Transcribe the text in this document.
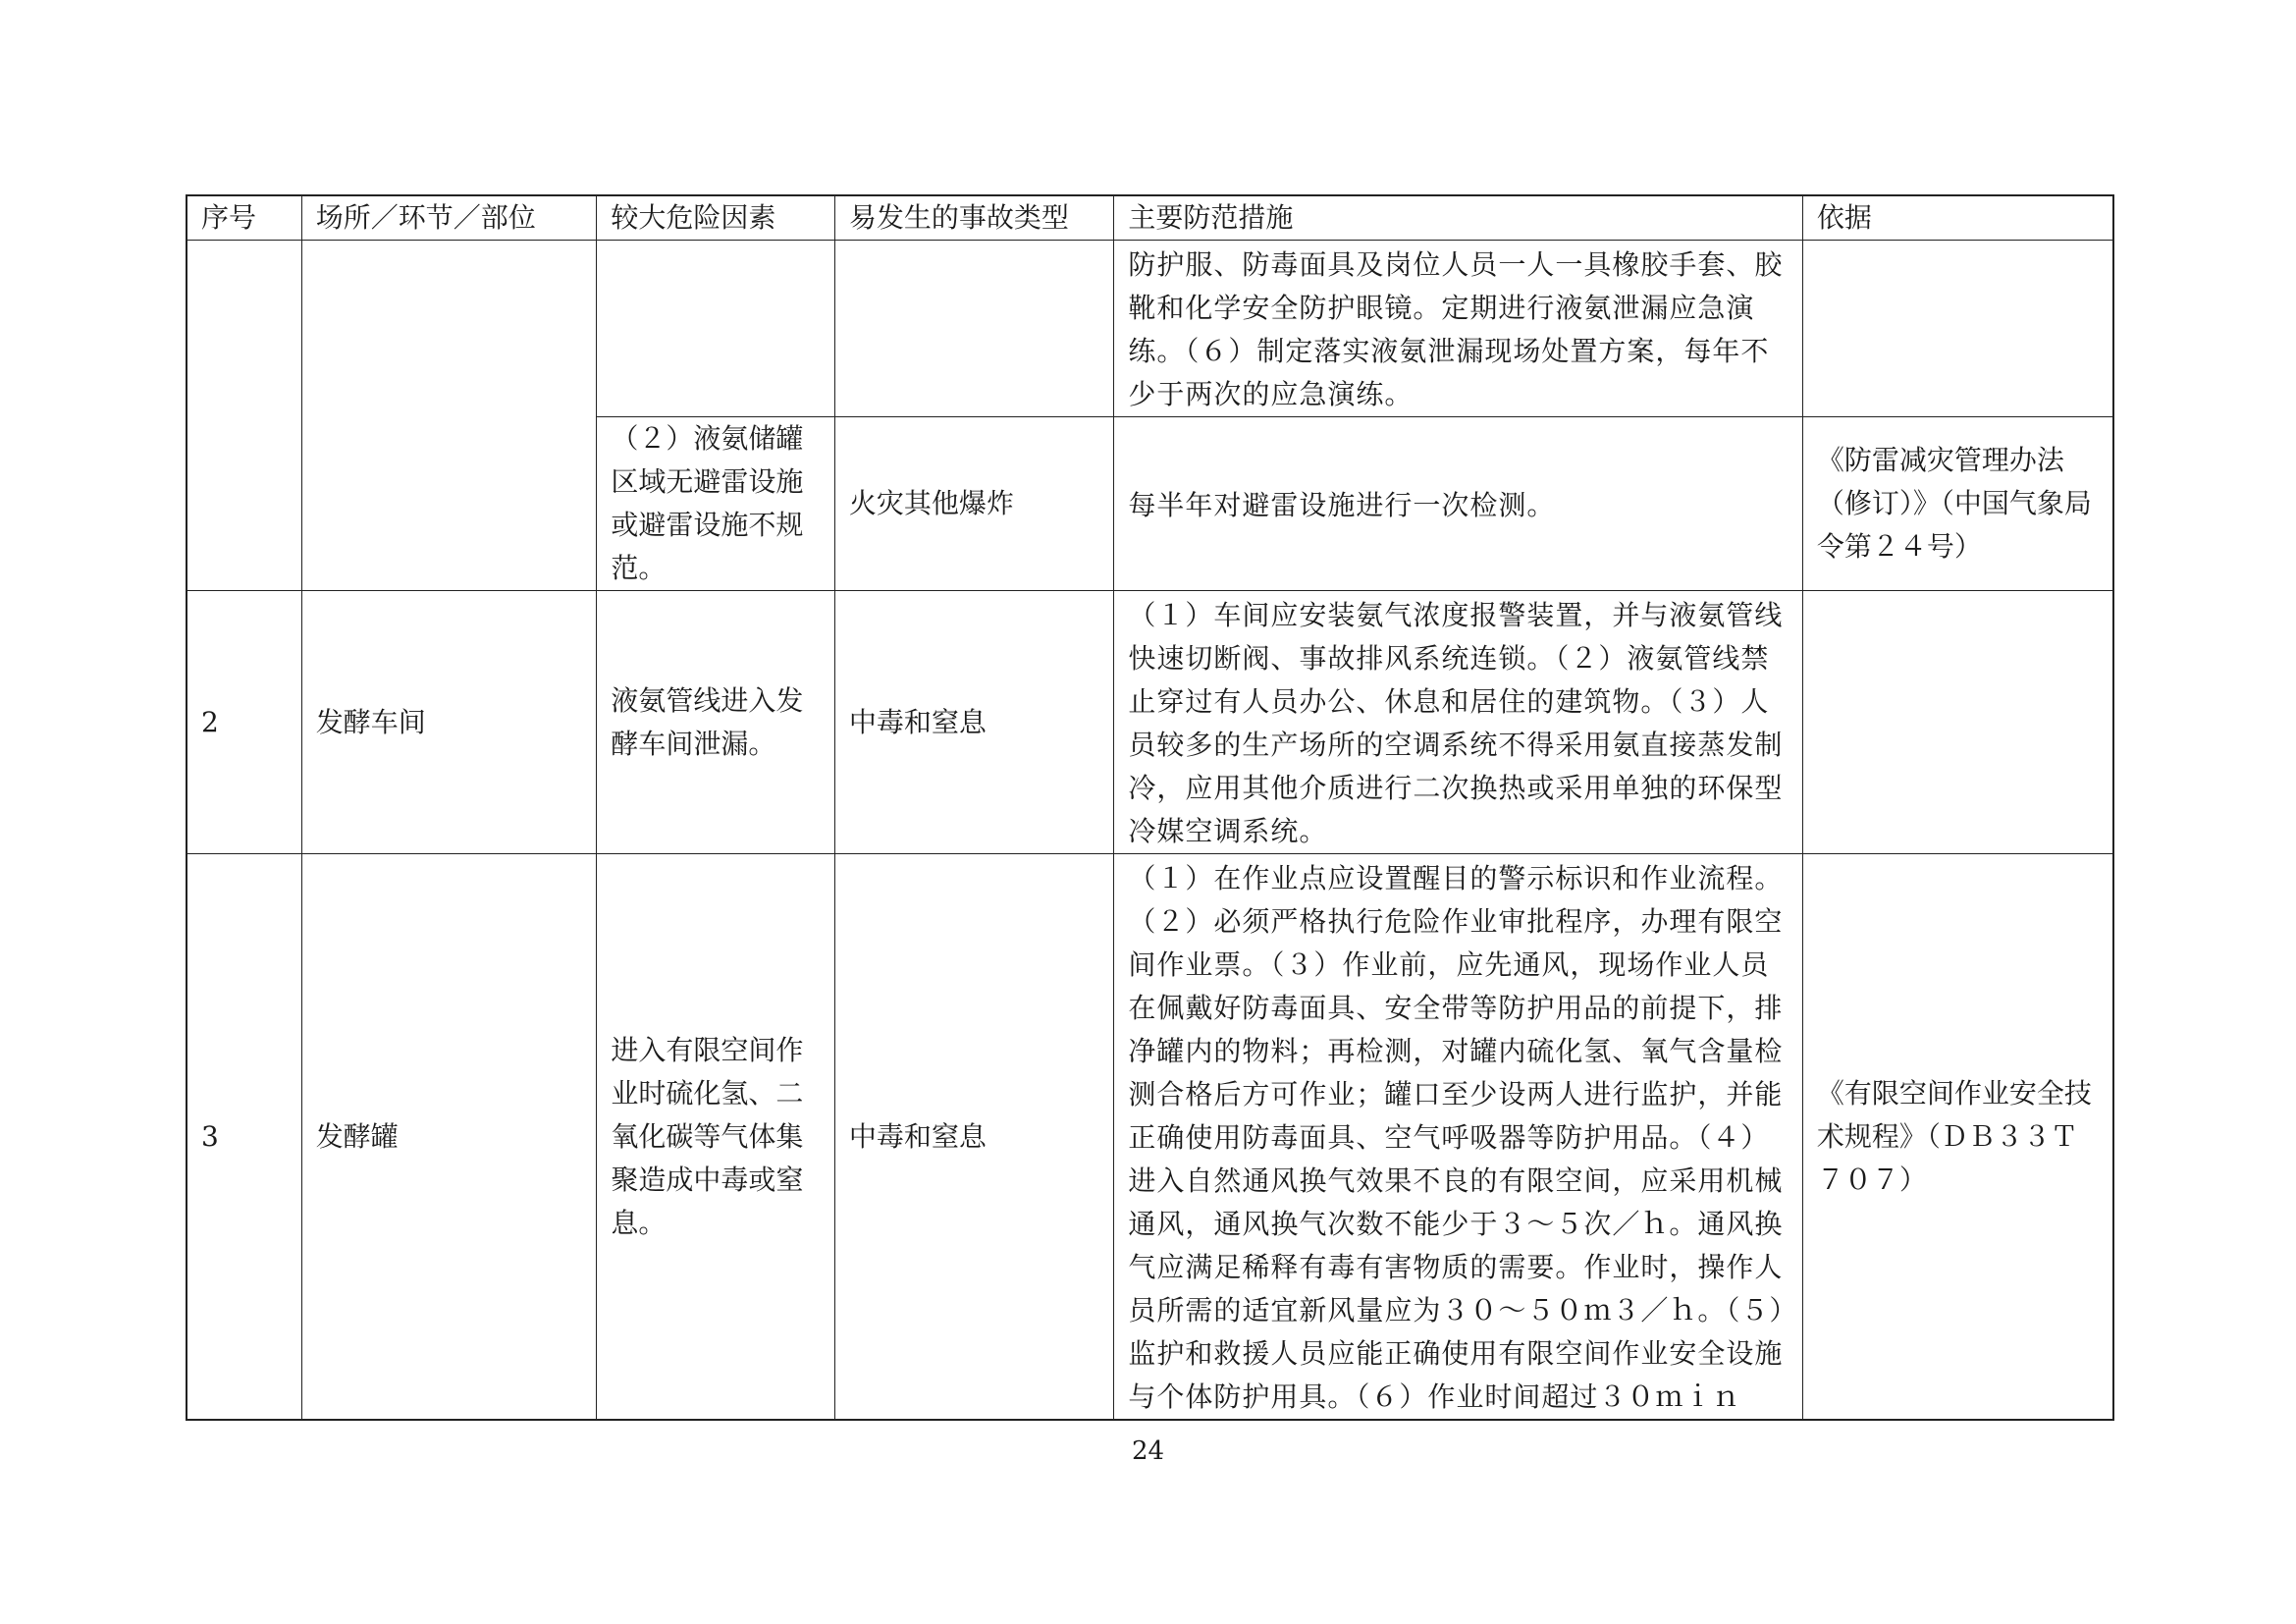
序号	场所／环节／部位	较大危险因素	易发生的事故类型	主要防范措施	依据

				防护服、防毒面具及岗位人员一人一具橡胶手套、胶靴和化学安全防护眼镜。定期进行液氨泄漏应急演练。（６）制定落实液氨泄漏现场处置方案，每年不少于两次的应急演练。	

		（２）液氨储罐区域无避雷设施或避雷设施不规范。	火灾其他爆炸	每半年对避雷设施进行一次检测。	《防雷减灾管理办法（修订）》（中国气象局令第２４号）
2	发酵车间	液氨管线进入发酵车间泄漏。	中毒和窒息	（１）车间应安装氨气浓度报警装置，并与液氨管线快速切断阀、事故排风系统连锁。（２）液氨管线禁止穿过有人员办公、休息和居住的建筑物。（３）人员较多的生产场所的空调系统不得采用氨直接蒸发制冷，应用其他介质进行二次换热或采用单独的环保型冷媒空调系统。	

3	发酵罐	进入有限空间作业时硫化氢、二氧化碳等气体集聚造成中毒或窒息。	中毒和窒息	（１）在作业点应设置醒目的警示标识和作业流程。（２）必须严格执行危险作业审批程序，办理有限空间作业票。（３）作业前，应先通风，现场作业人员在佩戴好防毒面具、安全带等防护用品的前提下，排净罐内的物料；再检测，对罐内硫化氢、氧气含量检测合格后方可作业；罐口至少设两人进行监护，并能正确使用防毒面具、空气呼吸器等防护用品。（４）进入自然通风换气效果不良的有限空间，应采用机械通风，通风换气次数不能少于３～５次／ｈ。通风换气应满足稀释有毒有害物质的需要。作业时，操作人员所需的适宜新风量应为３０～５０ｍ３／ｈ。（５）监护和救援人员应能正确使用有限空间作业安全设施与个体防护用具。（６）作业时间超过３０ｍｉｎ	《有限空间作业安全技术规程》（ＤＢ３３Ｔ７０７）
24
